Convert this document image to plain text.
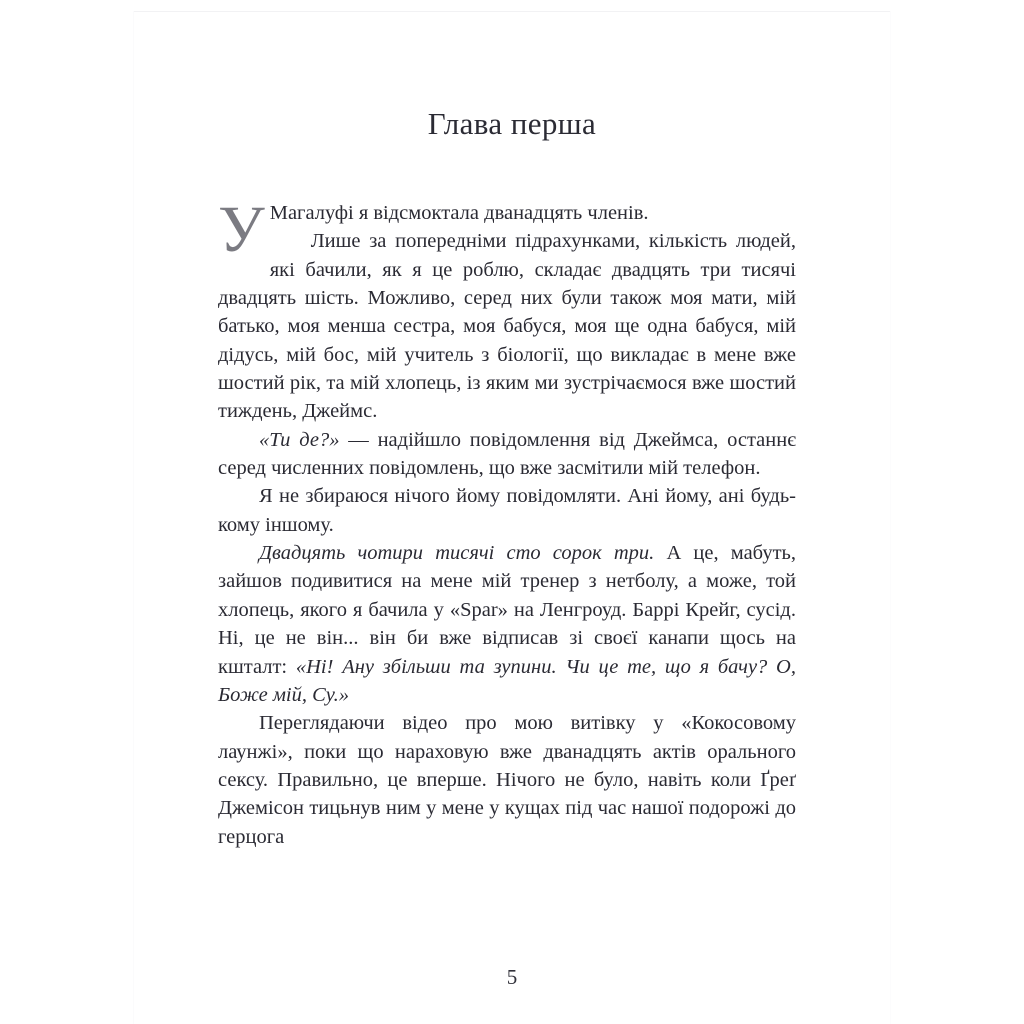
Глава перша

У Магалуфі я відсмоктала дванадцять членів.

Лише за попередніми підрахунками, кількість людей, які бачили, як я це роблю, складає двадцять три тисячі двадцять шість. Можливо, серед них були також моя мати, мій батько, моя менша сестра, моя бабуся, моя ще одна бабуся, мій дідусь, мій бос, мій учитель з біології, що викладає в мене вже шостий рік, та мій хлопець, із яким ми зустрічаємося вже шостий тиждень, Джеймс.

«Ти де?» — надійшло повідомлення від Джеймса, останнє серед численних повідомлень, що вже засмітили мій телефон.

Я не збираюся нічого йому повідомляти. Ані йому, ані будь-кому іншому.

Двадцять чотири тисячі сто сорок три. А це, мабуть, зайшов подивитися на мене мій тренер з нетболу, а може, той хлопець, якого я бачила у «Spar» на Ленгроуд. Баррі Крейг, сусід. Ні, це не він... він би вже відписав зі своєї канапи щось на кшталт: «Ні! Ану збільши та зупини. Чи це те, що я бачу? О, Боже мій, Су.»

Переглядаючи відео про мою витівку у «Кокосовому лаунжі», поки що нараховую вже дванадцять актів орального сексу. Правильно, це вперше. Нічого не було, навіть коли Ґреґ Джемісон тицьнув ним у мене у кущах під час нашої подорожі до герцога

5
